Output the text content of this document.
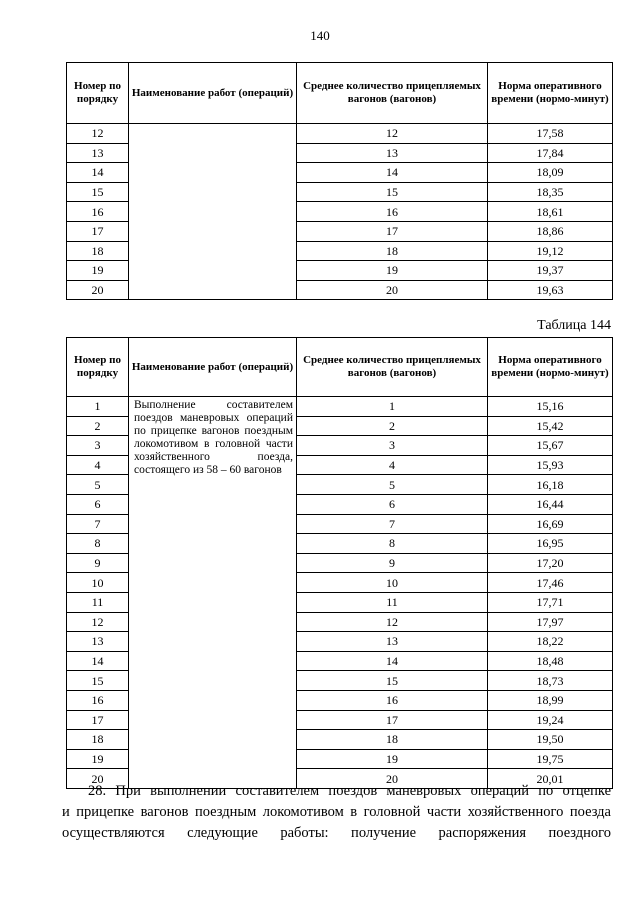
140
Номер по порядку	Наименование работ (операций)	Среднее количество прицепляемых вагонов (вагонов)	Норма оперативного времени (нормо-минут)
12		12	17,58
13		13	17,84
14		14	18,09
15		15	18,35
16		16	18,61
17		17	18,86
18		18	19,12
19		19	19,37
20		20	19,63
Таблица 144
Номер по порядку	Наименование работ (операций)	Среднее количество прицепляемых вагонов (вагонов)	Норма оперативного времени (нормо-минут)
1	Выполнение составителем поездов маневровых операций по прицепке вагонов поездным локомотивом в головной части хозяйственного поезда, состоящего из 58 – 60 вагонов	1	15,16
2		2	15,42
3		3	15,67
4		4	15,93
5		5	16,18
6		6	16,44
7		7	16,69
8		8	16,95
9		9	17,20
10		10	17,46
11		11	17,71
12		12	17,97
13		13	18,22
14		14	18,48
15		15	18,73
16		16	18,99
17		17	19,24
18		18	19,50
19		19	19,75
20		20	20,01
28. При выполнении составителем поездов маневровых операций по отцепке
и прицепке вагонов поездным локомотивом в головной части хозяйственного поезда
осуществляются следующие работы: получение распоряжения поездного
